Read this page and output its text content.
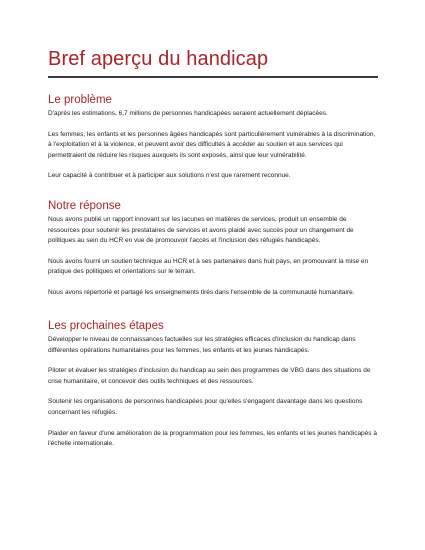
Bref aperçu du handicap
Le problème

D'après les estimations, 6,7 millions de personnes handicapées seraient actuellement déplacées.

Les femmes, les enfants et les personnes âgées handicapés sont particulièrement vulnérables à la discrimination, à l'exploitation et à la violence, et peuvent avoir des difficultés à accéder au soutien et aux services qui permettraient de réduire les risques auxquels ils sont exposés, ainsi que leur vulnérabilité.

Leur capacité à contribuer et à participer aux solutions n'est que rarement reconnue.

Notre réponse

Nous avons publié un rapport innovant sur les lacunes en matières de services, produit un ensemble de ressources pour soutenir les prestataires de services et avons plaidé avec succès pour un changement de politiques au sein du HCR en vue de promouvoir l'accès et l'inclusion des réfugiés handicapés.

Nous avons fourni un soutien technique au HCR et à ses partenaires dans huit pays, en promouvant la mise en pratique des politiques et orientations sur le terrain.

Nous avons répertorié et partagé les enseignements tirés dans l'ensemble de la communauté humanitaire.

Les prochaines étapes

Développer le niveau de connaissances factuelles sur les stratégies efficaces d'inclusion du handicap dans différentes opérations humanitaires pour les femmes, les enfants et les jeunes handicapés.

Piloter et évaluer les stratégies d'inclusion du handicap au sein des programmes de VBG dans des situations de crise humanitaire, et concevoir des outils techniques et des ressources.

Soutenir les organisations de personnes handicapées pour qu'elles s'engagent davantage dans les questions concernant les réfugiés.

Plaider en faveur d'une amélioration de la programmation pour les femmes, les enfants et les jeunes handicapés à l'échelle internationale.
